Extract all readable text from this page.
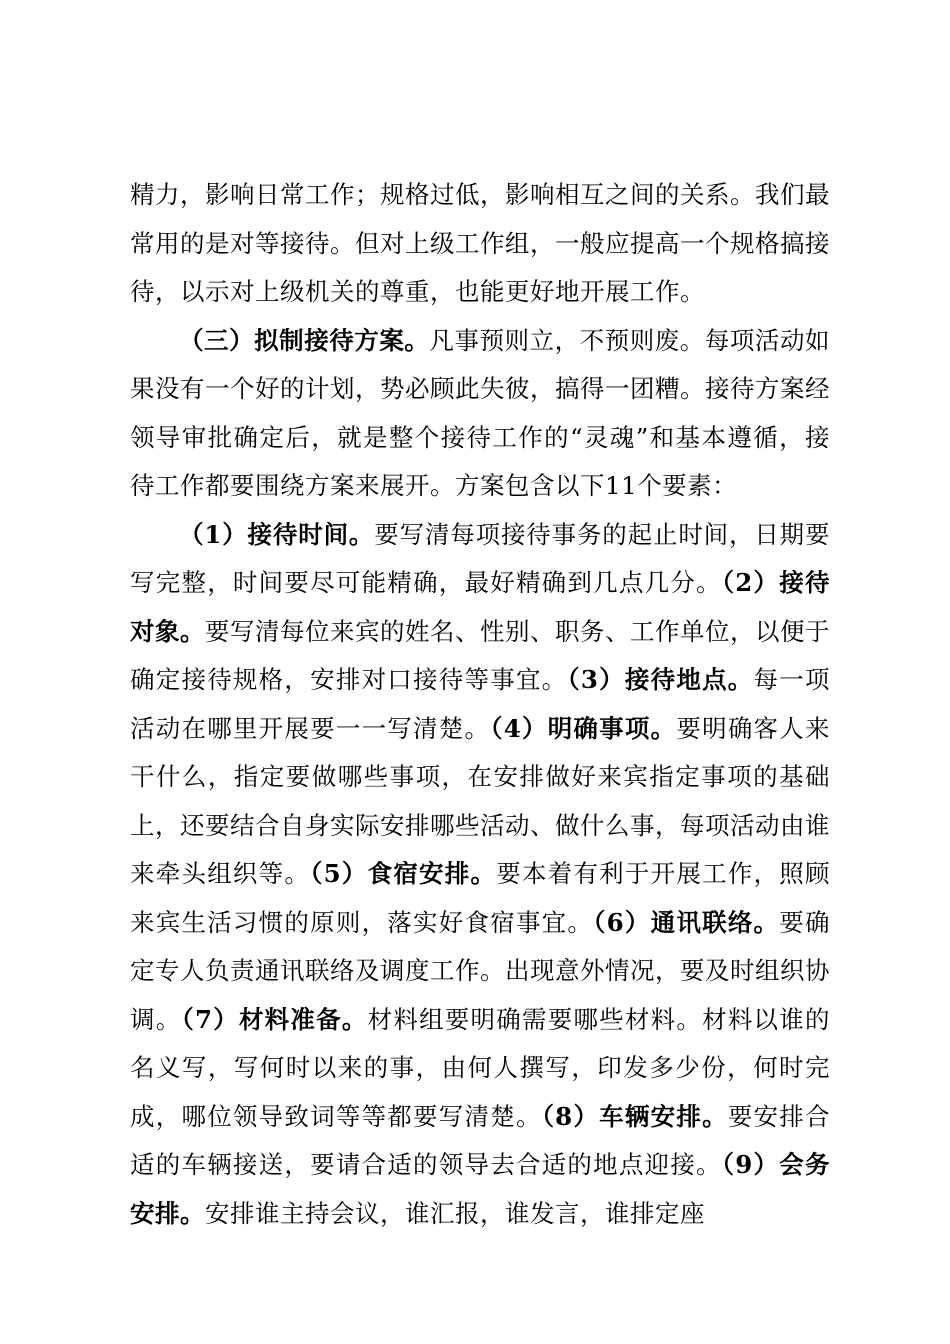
精力，影响日常工作；规格过低，影响相互之间的关系。我们最常用的是对等接待。但对上级工作组，一般应提高一个规格搞接待，以示对上级机关的尊重，也能更好地开展工作。

（三）拟制接待方案。凡事预则立，不预则废。每项活动如果没有一个好的计划，势必顾此失彼，搞得一团糟。接待方案经领导审批确定后，就是整个接待工作的“灵魂”和基本遵循，接待工作都要围绕方案来展开。方案包含以下11个要素：

（1）接待时间。要写清每项接待事务的起止时间，日期要写完整，时间要尽可能精确，最好精确到几点几分。（2）接待对象。要写清每位来宾的姓名、性别、职务、工作单位，以便于确定接待规格，安排对口接待等事宜。（3）接待地点。每一项活动在哪里开展要一一写清楚。（4）明确事项。要明确客人来干什么，指定要做哪些事项，在安排做好来宾指定事项的基础上，还要结合自身实际安排哪些活动、做什么事，每项活动由谁来牵头组织等。（5）食宿安排。要本着有利于开展工作，照顾来宾生活习惯的原则，落实好食宿事宜。（6）通讯联络。要确定专人负责通讯联络及调度工作。出现意外情况，要及时组织协调。（7）材料准备。材料组要明确需要哪些材料。材料以谁的名义写，写何时以来的事，由何人撰写，印发多少份，何时完成，哪位领导致词等等都要写清楚。（8）车辆安排。要安排合适的车辆接送，要请合适的领导去合适的地点迎接。（9）会务安排。安排谁主持会议，谁汇报，谁发言，谁排定座
